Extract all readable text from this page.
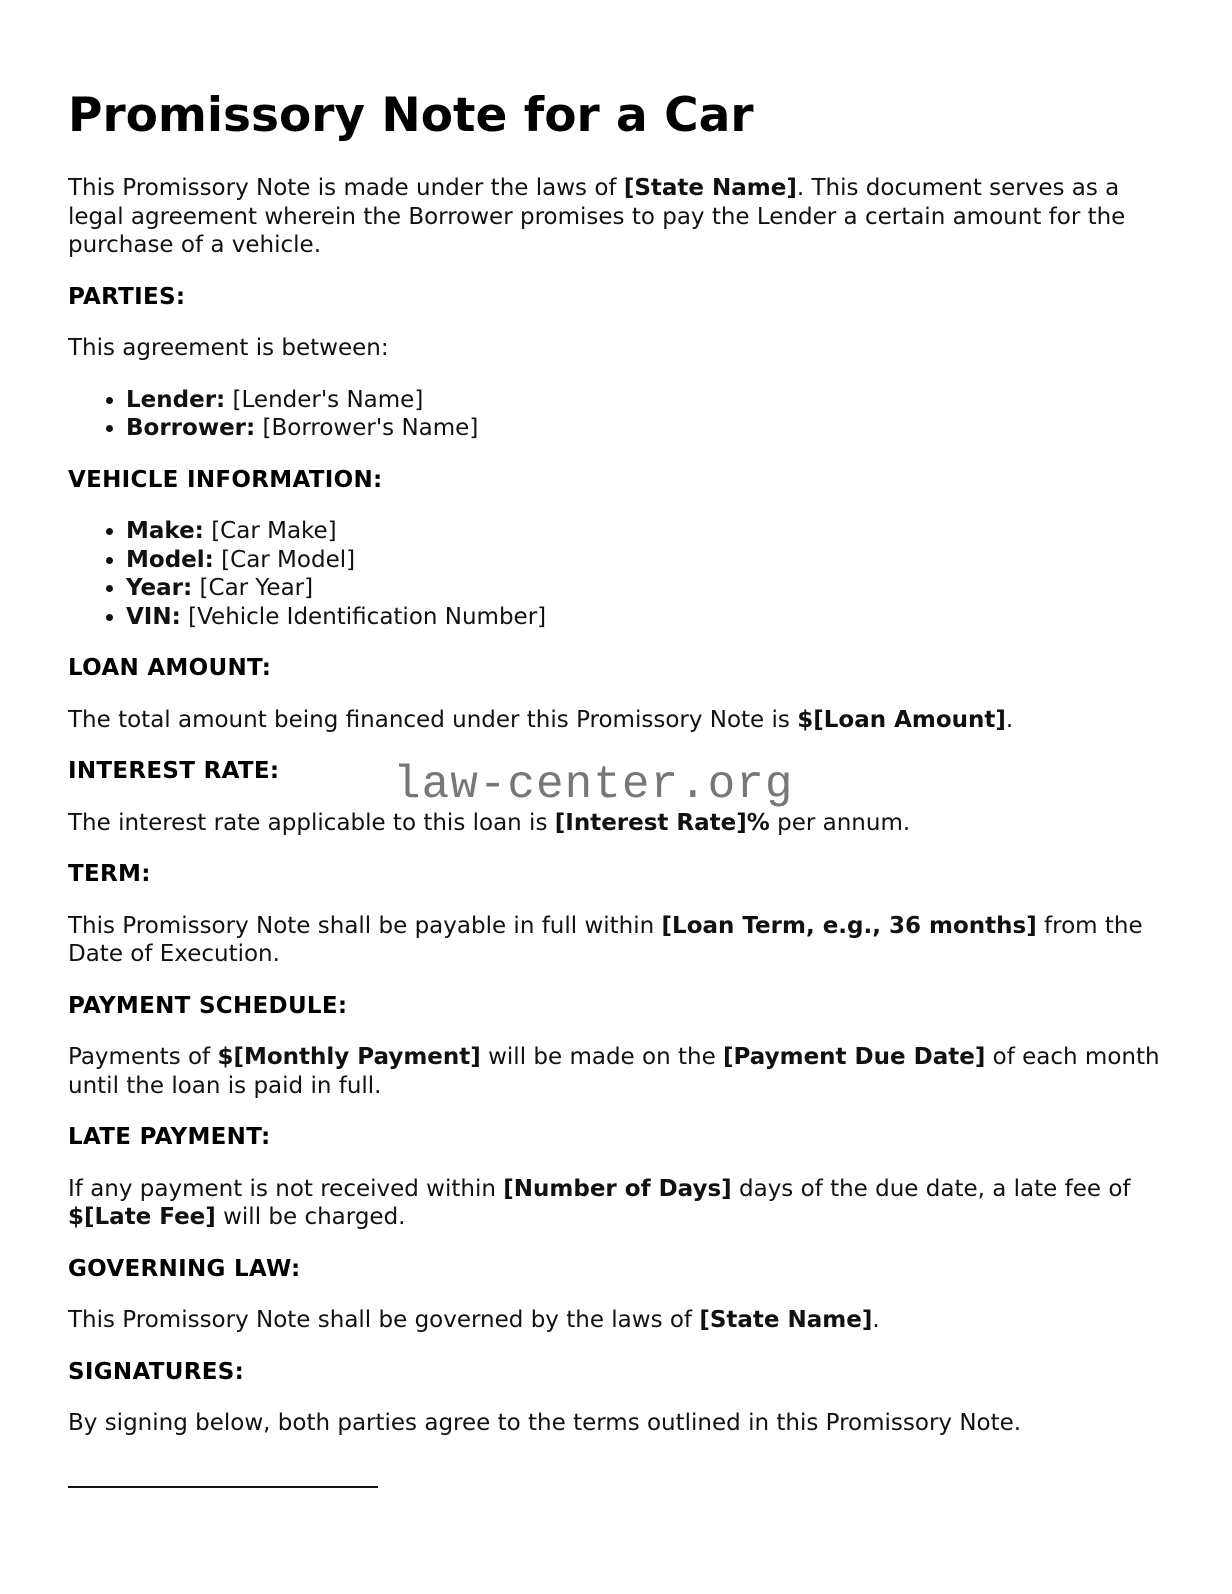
Promissory Note for a Car

This Promissory Note is made under the laws of [State Name]. This document serves as a legal agreement wherein the Borrower promises to pay the Lender a certain amount for the purchase of a vehicle.

PARTIES:

This agreement is between:

• Lender: [Lender's Name]
• Borrower: [Borrower's Name]
VEHICLE INFORMATION:
• Make: [Car Make]
• Model: [Car Model]
• Year: [Car Year]
• VIN: [Vehicle Identification Number]
LOAN AMOUNT:

The total amount being financed under this Promissory Note is $[Loan Amount].

INTEREST RATE:

The interest rate applicable to this loan is [Interest Rate]% per annum.

TERM:

This Promissory Note shall be payable in full within [Loan Term, e.g., 36 months] from the Date of Execution.

PAYMENT SCHEDULE:

Payments of $[Monthly Payment] will be made on the [Payment Due Date] of each month until the loan is paid in full.

LATE PAYMENT:

If any payment is not received within [Number of Days] days of the due date, a late fee of $[Late Fee] will be charged.

GOVERNING LAW:

This Promissory Note shall be governed by the laws of [State Name].

SIGNATURES:

By signing below, both parties agree to the terms outlined in this Promissory Note.

law-center.org
